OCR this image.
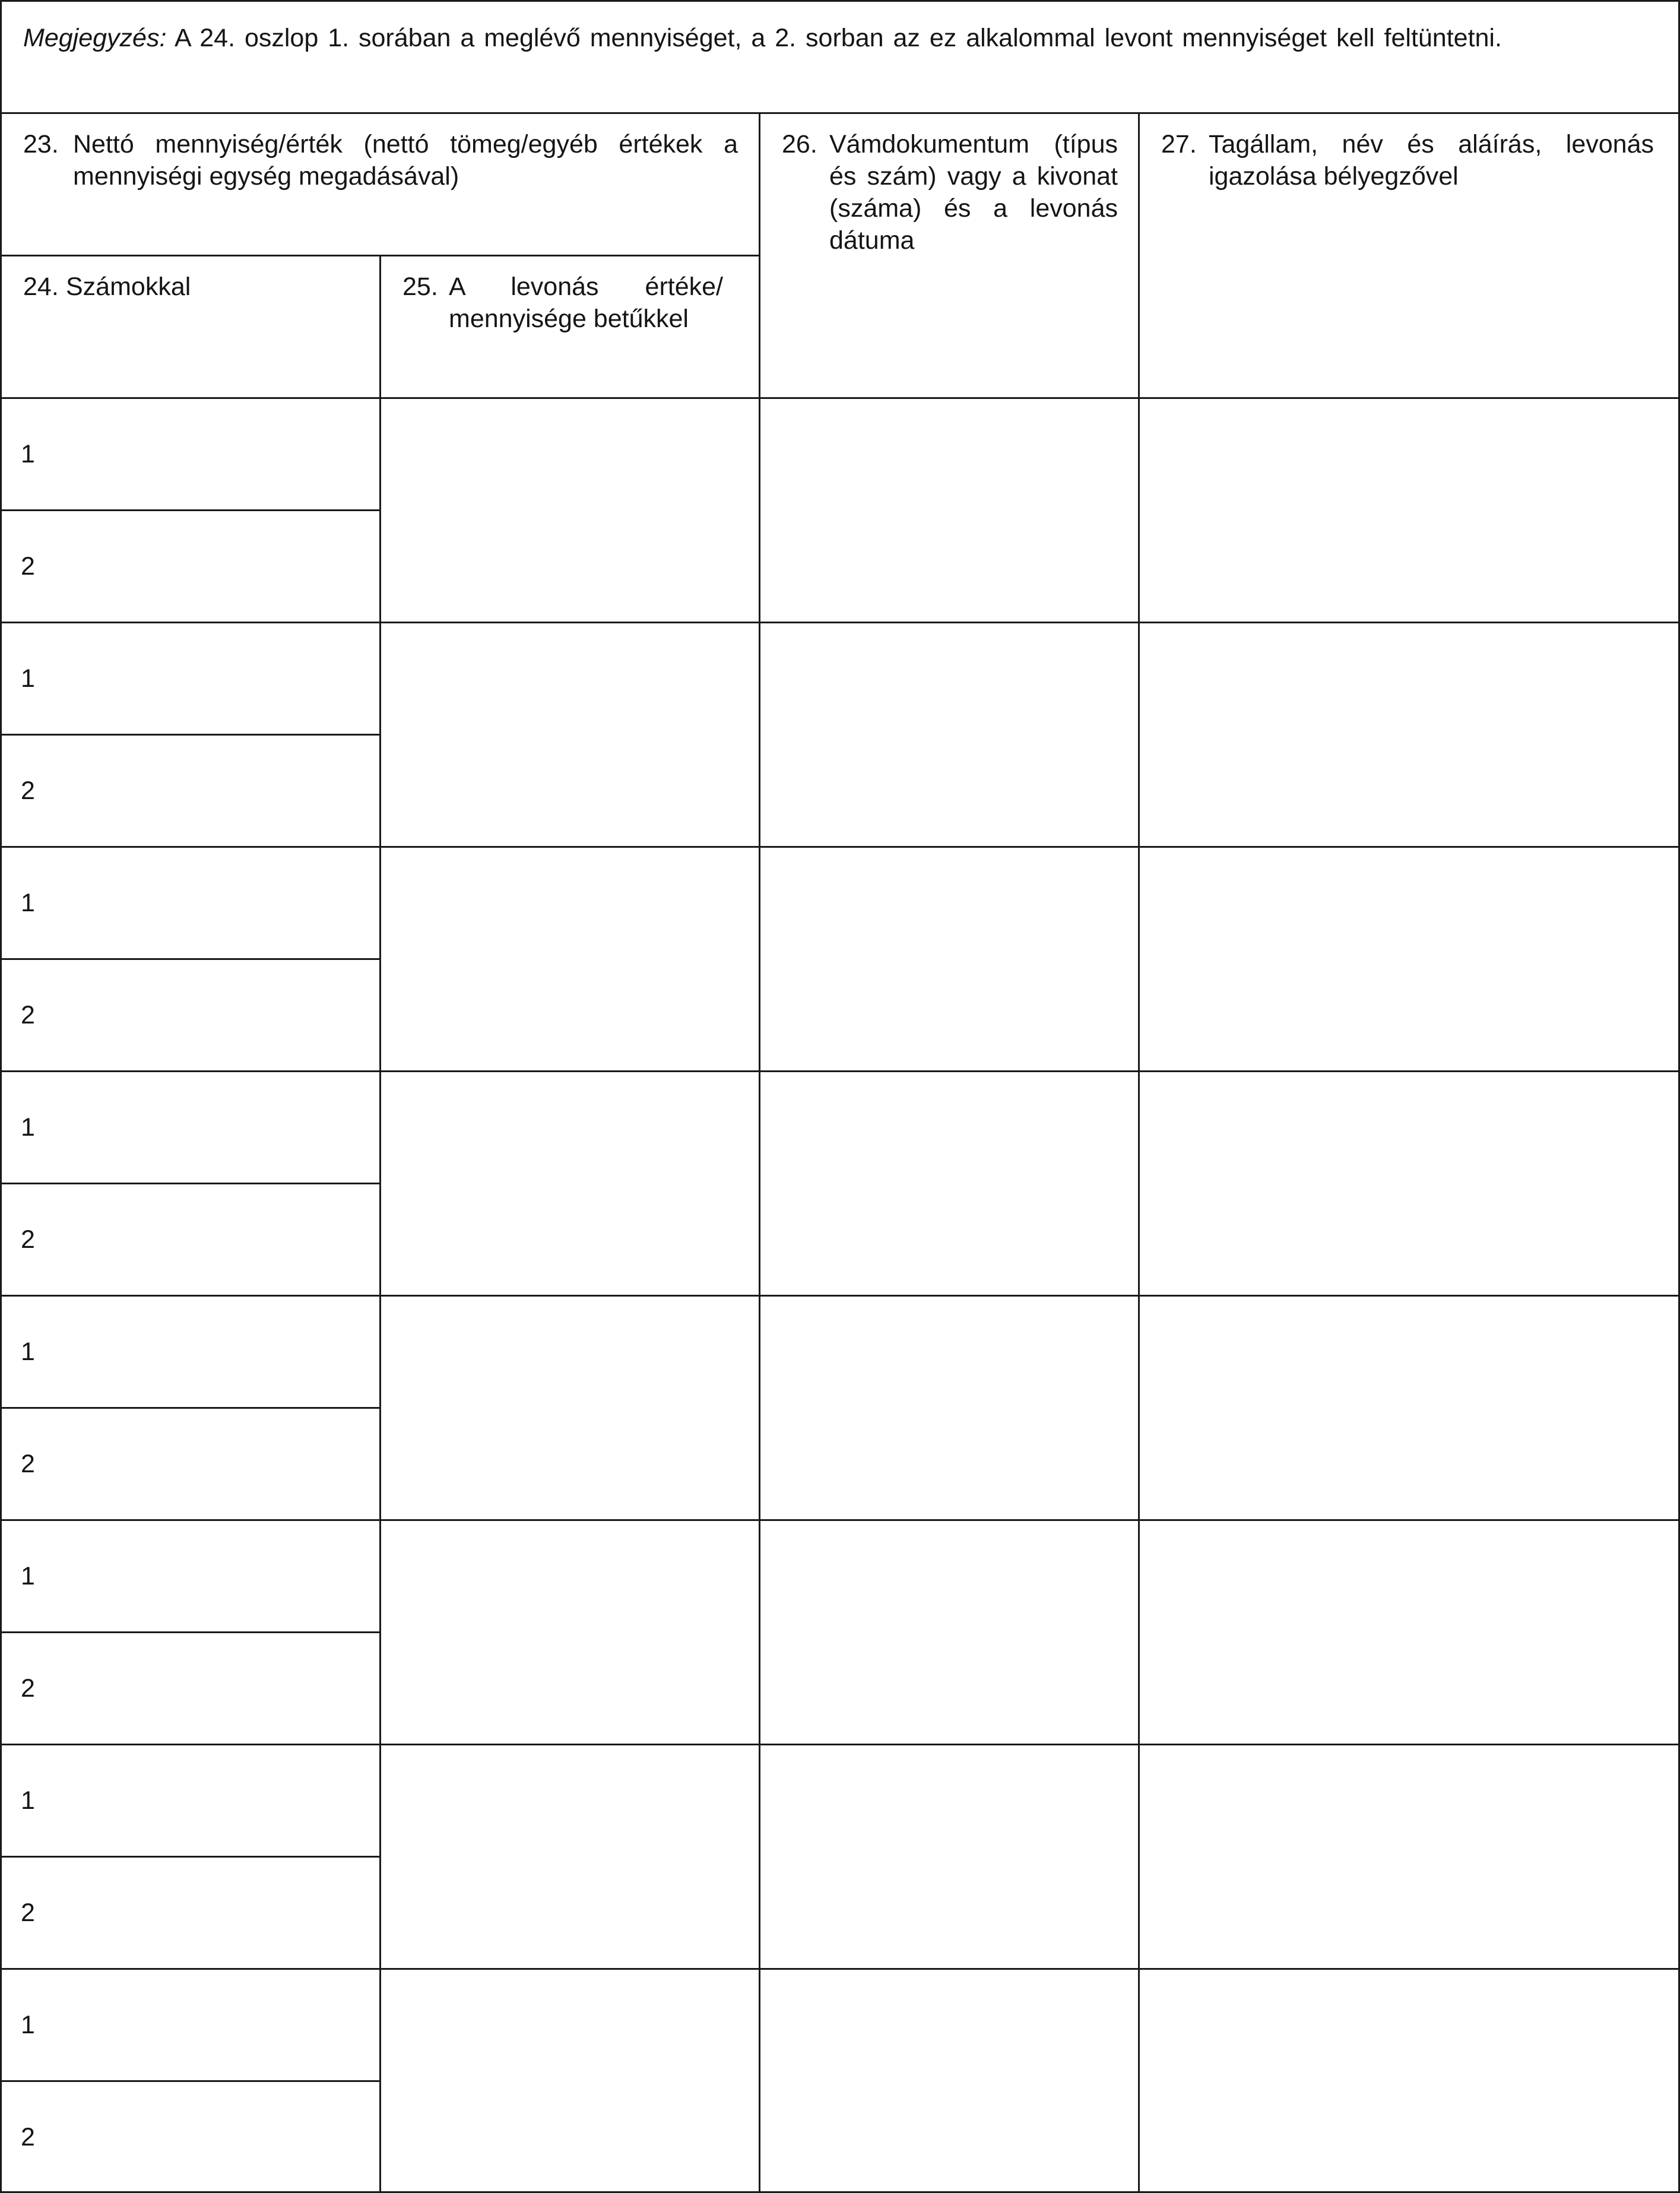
Megjegyzés: A 24. oszlop 1. sorában a meglévő mennyiséget, a 2. sorban az ez alkalommal levont mennyiséget kell feltüntetni.
23. Nettó mennyiség/érték (nettó tömeg/egyéb értékek a mennyiségi egység megadásával)
24. Számokkal	25. A levonás értéke/ mennyisége betűkkel
26. Vámdokumentum (típus és szám) vagy a kivonat (száma) és a levonás dátuma
27. Tagállam, név és aláírás, levonás igazolása bélyegzővel
1
2
1
2
1
2
1
2
1
2
1
2
1
2
1
2
